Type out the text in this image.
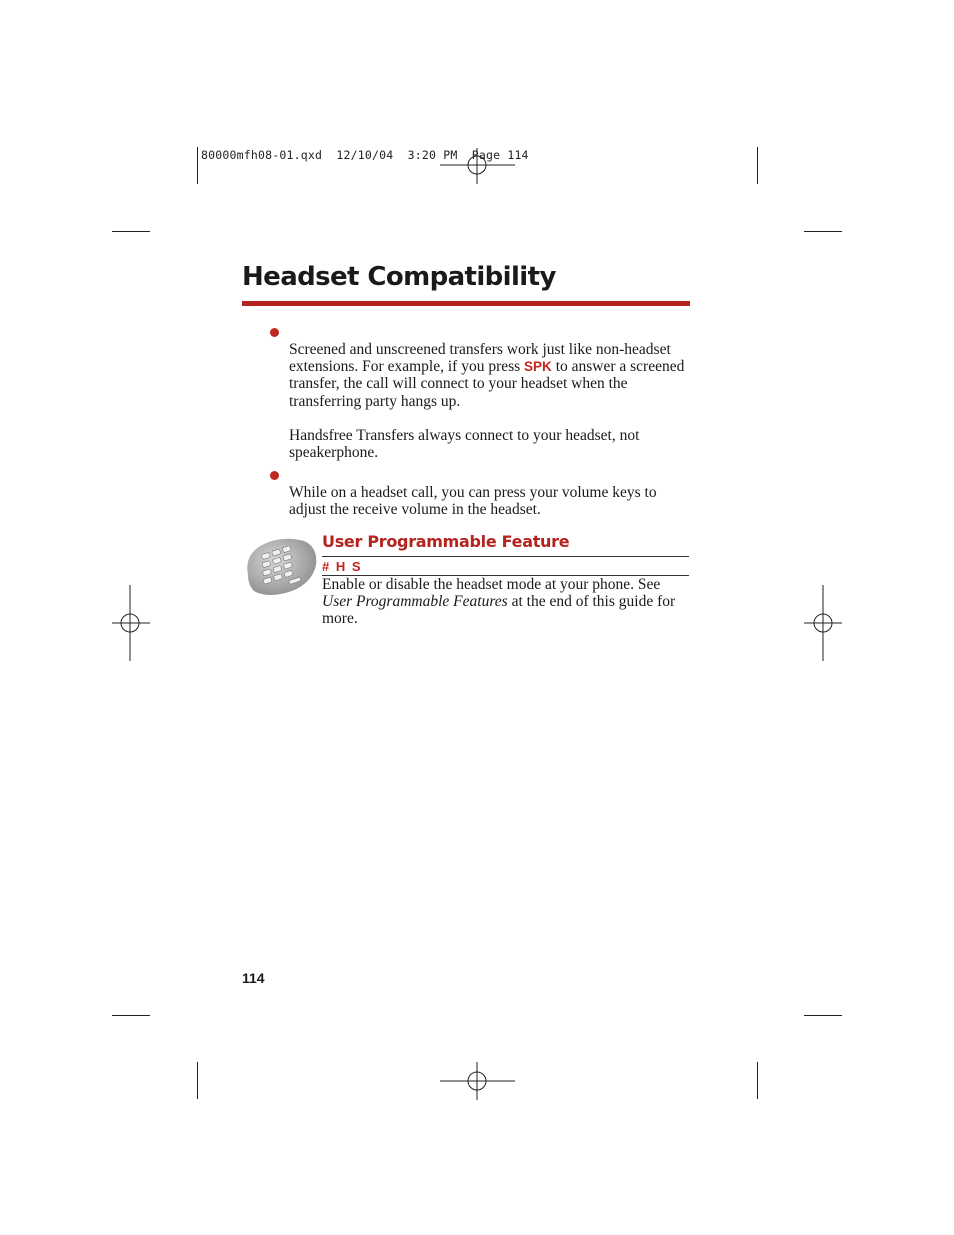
80000mfh08-01.qxd  12/10/04  3:20 PM  Page 114
Headset Compatibility
Screened and unscreened transfers work just like non-headset extensions. For example, if you press SPK to answer a screened transfer, the call will connect to your headset when the transferring party hangs up.
Handsfree Transfers always connect to your headset, not speakerphone.
While on a headset call, you can press your volume keys to adjust the receive volume in the headset.
User Programmable Feature
# H S
Enable or disable the headset mode at your phone. See User Programmable Features at the end of this guide for more.
114
